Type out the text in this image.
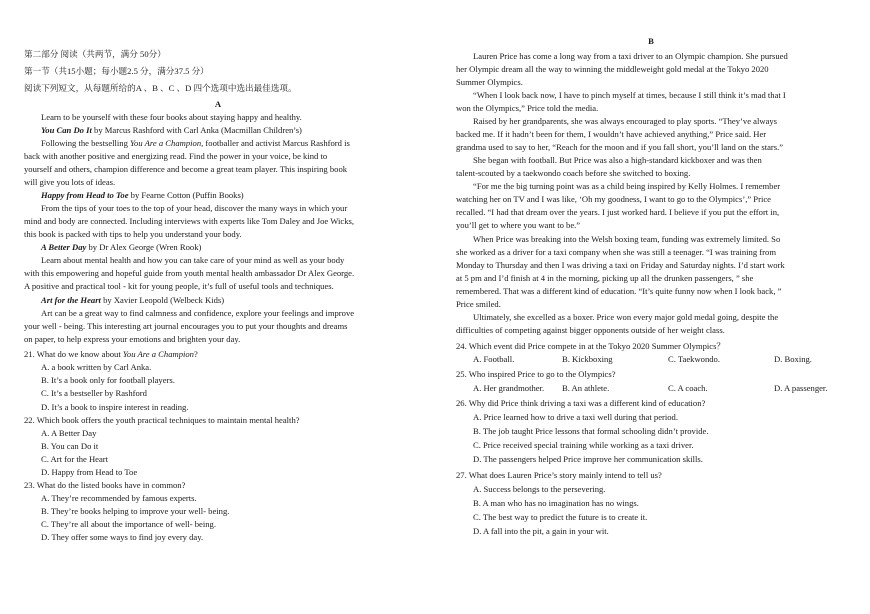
第二部分 阅读（共两节，满分 50分）
第一节（共15小题；每小题2.5 分，满分37.5 分）
阅读下列短文，从每题所给的A 、B 、C 、D 四个选项中选出最佳选项。
A
Learn to be yourself with these four books about staying happy and healthy.
You Can Do It by Marcus Rashford with Carl Anka (Macmillan Children’s)
Following the bestselling You Are a Champion, footballer and activist Marcus Rashford is
back with another positive and energizing read. Find the power in your voice, be kind to
yourself and others, champion difference and become a great team player. This inspiring book
will give you lots of ideas.
Happy from Head to Toe by Fearne Cotton (Puffin Books)
From the tips of your toes to the top of your head, discover the many ways in which your
mind and body are connected. Including interviews with experts like Tom Daley and Joe Wicks,
this book is packed with tips to help you understand your body.
A Better Day by Dr Alex George (Wren Rook)
Learn about mental health and how you can take care of your mind as well as your body
with this empowering and hopeful guide from youth mental health ambassador Dr Alex George.
A positive and practical tool - kit for young people, it’s full of useful tools and techniques.
Art for the Heart by Xavier Leopold (Welbeck Kids)
Art can be a great way to find calmness and confidence, explore your feelings and improve
your well - being. This interesting art journal encourages you to put your thoughts and dreams
on paper, to help express your emotions and brighten your day.
21. What do we know about You Are a Champion?
A. a book written by Carl Anka.
B. It’s a book only for football players.
C. It’s a bestseller by Rashford
D. It’s a book to inspire interest in reading.
22. Which book offers the youth practical techniques to maintain mental health?
A. A Better Day
B. You can Do it
C. Art for the Heart
D. Happy from Head to Toe
23. What do the listed books have in common?
A. They’re recommended by famous experts.
B. They’re books helping to improve your well- being.
C. They’re all about the importance of well- being.
D. They offer some ways to find joy every day.
B
Lauren Price has come a long way from a taxi driver to an Olympic champion. She pursued
her Olympic dream all the way to winning the middleweight gold medal at the Tokyo 2020
Summer Olympics.
“When I look back now, I have to pinch myself at times, because I still think it’s mad that I
won the Olympics,” Price told the media.
Raised by her grandparents, she was always encouraged to play sports. “They’ve always
backed me. If it hadn’t been for them, I wouldn’t have achieved anything,” Price said. Her
grandma used to say to her, “Reach for the moon and if you fall short, you’ll land on the stars.”
She began with football. But Price was also a high-standard kickboxer and was then
talent-scouted by a taekwondo coach before she switched to boxing.
“For me the big turning point was as a child being inspired by Kelly Holmes. I remember
watching her on TV and I was like, ‘Oh my goodness, I want to go to the Olympics’,” Price
recalled. “I had that dream over the years. I just worked hard. I believe if you put the effort in,
you’ll get to where you want to be.”
When Price was breaking into the Welsh boxing team, funding was extremely limited. So
she worked as a driver for a taxi company when she was still a teenager. “I was training from
Monday to Thursday and then I was driving a taxi on Friday and Saturday nights. I’d start work
at 5 pm and I’d finish at 4 in the morning, picking up all the drunken passengers, ” she
remembered. That was a different kind of education. “It’s quite funny now when I look back, ”
Price smiled.
Ultimately, she excelled as a boxer. Price won every major gold medal going, despite the
difficulties of competing against bigger opponents outside of her weight class.
24. Which event did Price compete in at the Tokyo 2020 Summer Olympics？
A. Football.	B. Kickboxing	C. Taekwondo.	D. Boxing.
25. Who inspired Price to go to the Olympics?
A. Her grandmother.	B. An athlete.	C. A coach.	D. A passenger.
26. Why did Price think driving a taxi was a different kind of education?
A. Price learned how to drive a taxi well during that period.
B. The job taught Price lessons that formal schooling didn’t provide.
C. Price received special training while working as a taxi driver.
D. The passengers helped Price improve her communication skills.
27. What does Lauren Price’s story mainly intend to tell us?
A. Success belongs to the persevering.
B. A man who has no imagination has no wings.
C. The best way to predict the future is to create it.
D. A fall into the pit, a gain in your wit.
